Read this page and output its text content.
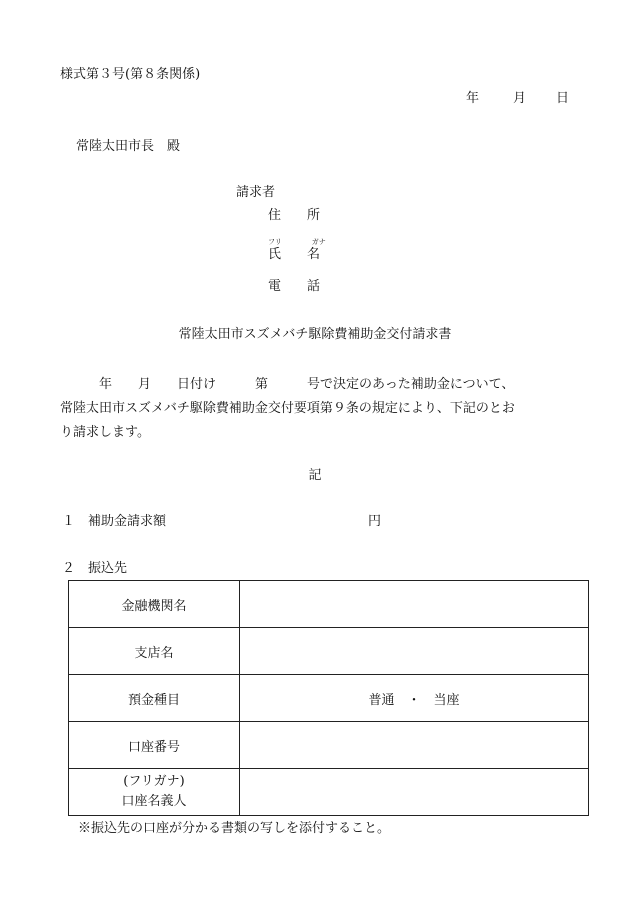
様式第３号(第８条関係)
年	月 日
常陸太田市長　殿
請求者
住　　所
フリ	ガナ
氏　　名
電　　話
常陸太田市スズメバチ駆除費補助金交付請求書
　　　年　　月　　日付け　　　第　　　号で決定のあった補助金について、
常陸太田市スズメバチ駆除費補助金交付要項第９条の規定により、下記のとお
り請求します。
記
１　補助金請求額	円
２　振込先
金融機関名	
支店名	
預金種目	普通　・　当座
口座番号	

(フリガナ)
口座名義人	

※振込先の口座が分かる書類の写しを添付すること。
